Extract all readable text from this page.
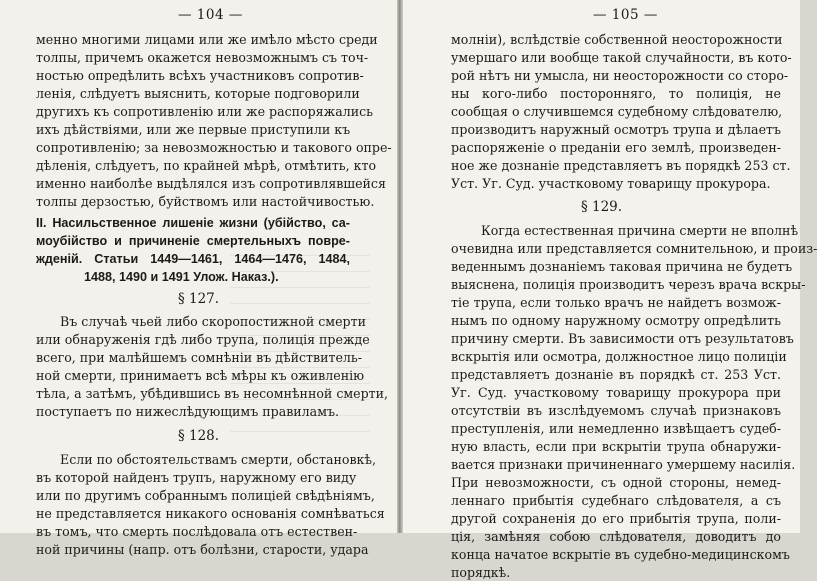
— 104 —
менно многими лицами или же имѣло мѣсто среди
толпы, причемъ окажется невозможнымъ съ точ-
ностью опредѣлить всѣхъ участниковъ сопротив-
ленія, слѣдуетъ выяснить, которые подговорили
другихъ къ сопротивленію или же распоряжались
ихъ дѣйствіями, или же первые приступили къ
сопротивленію; за невозможностью и такового опре-
дѣленія, слѣдуетъ, по крайней мѣрѣ, отмѣтить, кто
именно наиболѣе выдѣлялся изъ сопротивлявшейся
толпы дерзостью, буйствомъ или настойчивостью.
II. Насильственное лишеніе жизни (убійство, са-
моубійство и причиненіе смертельныхъ повре-
жденій. Статьи 1449—1461, 1464—1476, 1484,
1488, 1490 и 1491 Улож. Наказ.).
§ 127.
Въ случаѣ чьей либо скоропостижной смерти
или обнаруженія гдѣ либо трупа, полиція прежде
всего, при малѣйшемъ сомнѣніи въ дѣйствитель-
ной смерти, принимаетъ всѣ мѣры къ оживленію
тѣла, а затѣмъ, убѣдившись въ несомнѣнной смерти,
поступаетъ по нижеслѣдующимъ правиламъ.
§ 128.
Если по обстоятельствамъ смерти, обстановкѣ,
въ которой найденъ трупъ, наружному его виду
или по другимъ собраннымъ полиціей свѣдѣніямъ,
не представляется никакого основанія сомнѣваться
въ томъ, что смерть послѣдовала отъ естествен-
ной причины (напр. отъ болѣзни, старости, удара
— 105 —
молніи), вслѣдствіе собственной неосторожности
умершаго или вообще такой случайности, въ кото-
рой нѣтъ ни умысла, ни неосторожности со сторо-
ны кого-либо посторонняго, то полиція, не
сообщая о случившемся судебному слѣдователю,
производитъ наружный осмотръ трупа и дѣлаетъ
распоряженіе о преданіи его землѣ, произведен-
ное же дознаніе представляетъ въ порядкѣ 253 ст.
Уст. Уг. Суд. участковому товарищу прокурора.
§ 129.
Когда естественная причина смерти не вполнѣ
очевидна или представляется сомнительною, и произ-
веденнымъ дознаніемъ таковая причина не будетъ
выяснена, полиція производитъ черезъ врача вскры-
тіе трупа, если только врачъ не найдетъ возмож-
нымъ по одному наружному осмотру опредѣлить
причину смерти. Въ зависимости отъ результатовъ
вскрытія или осмотра, должностное лицо полиціи
представляетъ дознаніе въ порядкѣ ст. 253 Уст.
Уг. Суд. участковому товарищу прокурора при
отсутствіи въ изслѣдуемомъ случаѣ признаковъ
преступленія, или немедленно извѣщаетъ судеб-
ную власть, если при вскрытіи трупа обнаружи-
вается признаки причиненнаго умершему насилія.
При невозможности, съ одной стороны, немед-
леннаго прибытія судебнаго слѣдователя, а съ
другой сохраненія до его прибытія трупа, поли-
ція, замѣняя собою слѣдователя, доводитъ до
конца начатое вскрытіе въ судебно-медицинскомъ
порядкѣ.
